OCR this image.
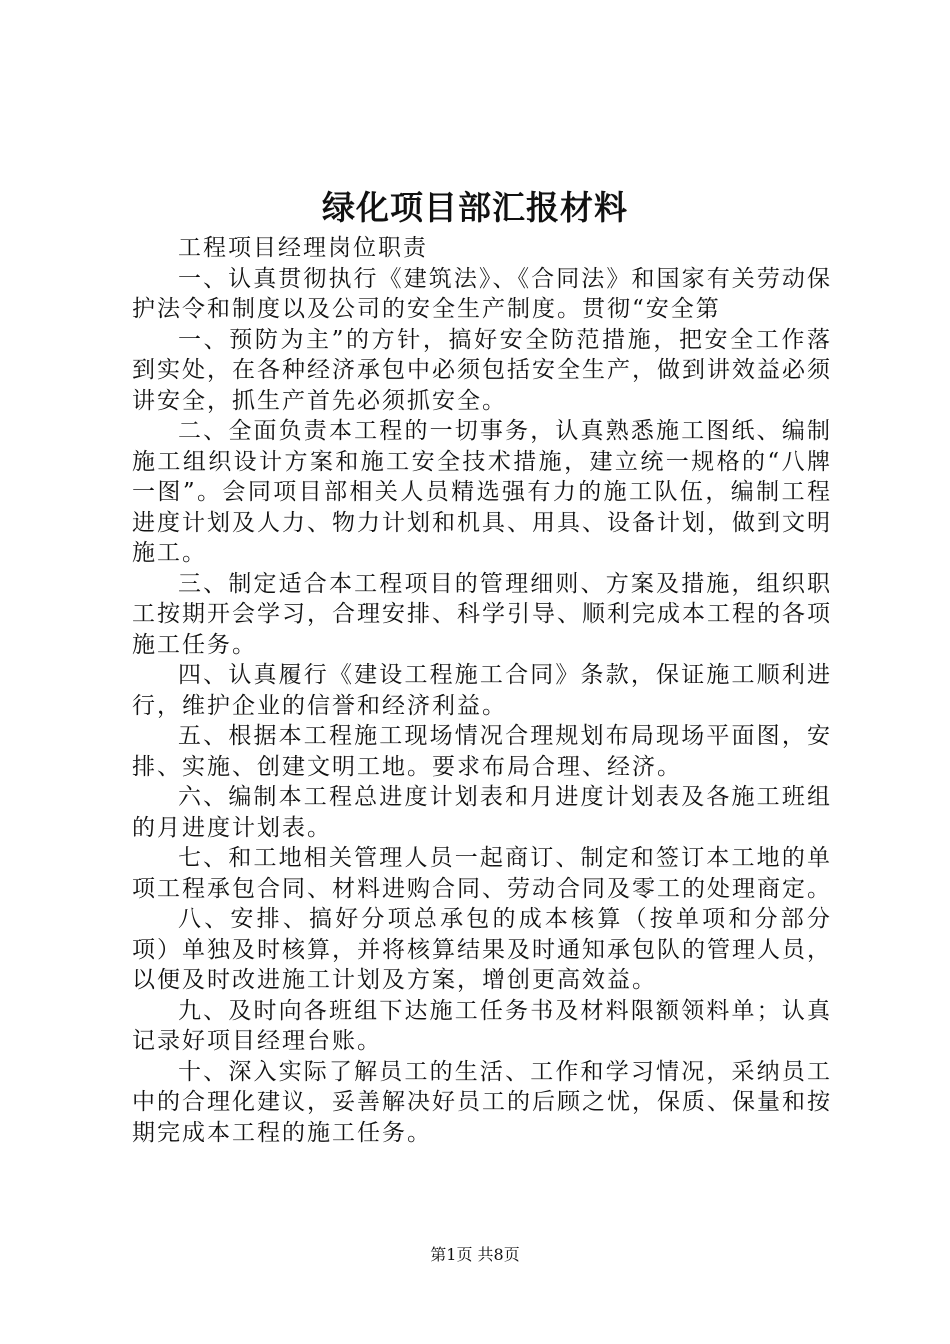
绿化项目部汇报材料

工程项目经理岗位职责

一、认真贯彻执行《建筑法》、《合同法》和国家有关劳动保护法令和制度以及公司的安全生产制度。贯彻“安全第

一、预防为主”的方针，搞好安全防范措施，把安全工作落到实处，在各种经济承包中必须包括安全生产，做到讲效益必须讲安全，抓生产首先必须抓安全。

二、全面负责本工程的一切事务，认真熟悉施工图纸、编制施工组织设计方案和施工安全技术措施，建立统一规格的“八牌一图”。会同项目部相关人员精选强有力的施工队伍，编制工程进度计划及人力、物力计划和机具、用具、设备计划，做到文明施工。

三、制定适合本工程项目的管理细则、方案及措施，组织职工按期开会学习，合理安排、科学引导、顺利完成本工程的各项施工任务。

四、认真履行《建设工程施工合同》条款，保证施工顺利进行，维护企业的信誉和经济利益。

五、根据本工程施工现场情况合理规划布局现场平面图，安排、实施、创建文明工地。要求布局合理、经济。

六、编制本工程总进度计划表和月进度计划表及各施工班组的月进度计划表。

七、和工地相关管理人员一起商订、制定和签订本工地的单项工程承包合同、材料进购合同、劳动合同及零工的处理商定。

八、安排、搞好分项总承包的成本核算（按单项和分部分项）单独及时核算，并将核算结果及时通知承包队的管理人员，以便及时改进施工计划及方案，增创更高效益。

九、及时向各班组下达施工任务书及材料限额领料单；认真记录好项目经理台账。

十、深入实际了解员工的生活、工作和学习情况，采纳员工中的合理化建议，妥善解决好员工的后顾之忧，保质、保量和按期完成本工程的施工任务。

第1页 共8页
